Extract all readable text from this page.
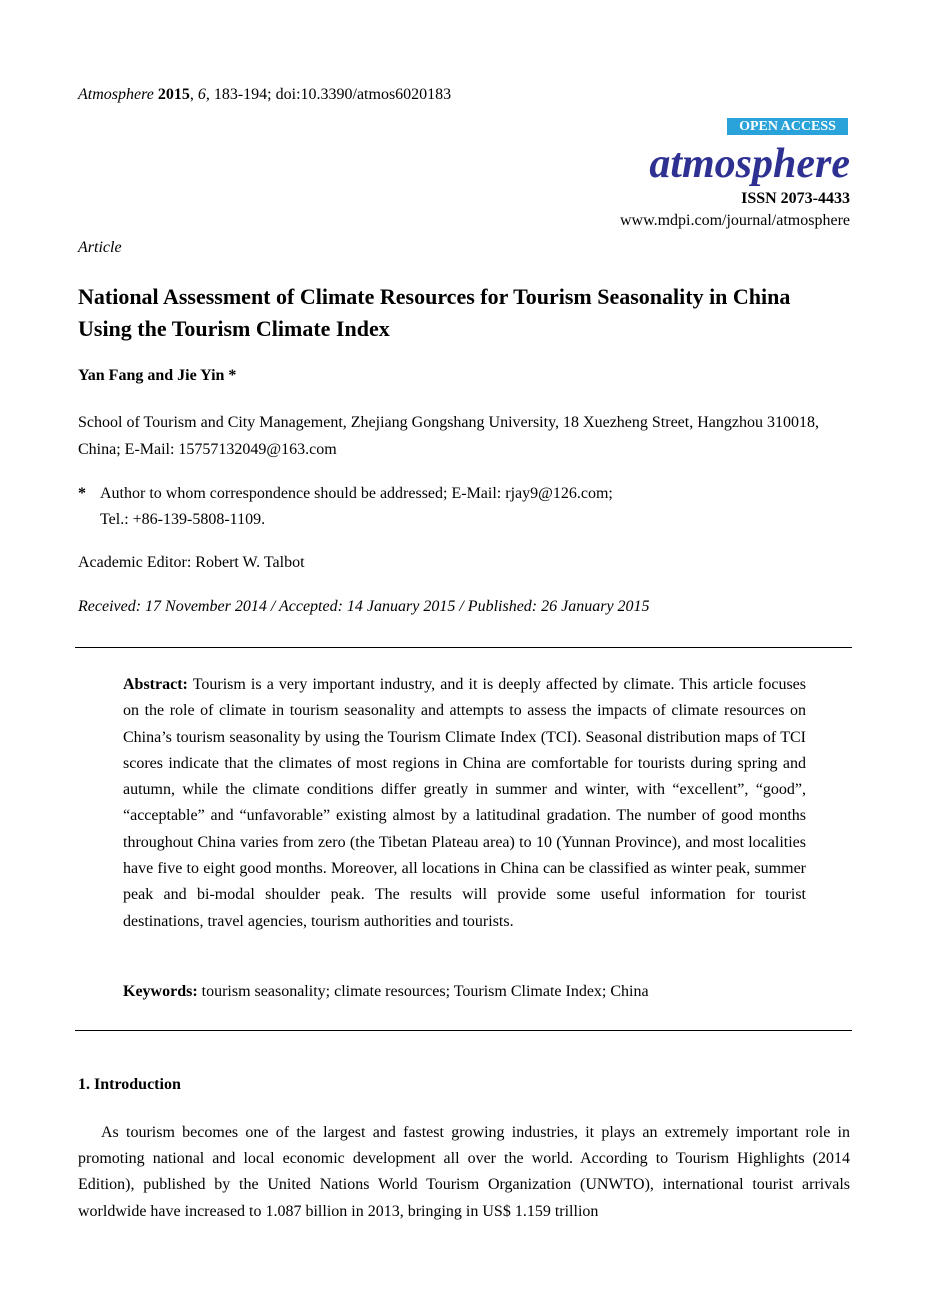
Atmosphere 2015, 6, 183-194; doi:10.3390/atmos6020183
OPEN ACCESS
atmosphere
ISSN 2073-4433
www.mdpi.com/journal/atmosphere
Article
National Assessment of Climate Resources for Tourism Seasonality in China Using the Tourism Climate Index
Yan Fang and Jie Yin *
School of Tourism and City Management, Zhejiang Gongshang University, 18 Xuezheng Street, Hangzhou 310018, China; E-Mail: 15757132049@163.com
* Author to whom correspondence should be addressed; E-Mail: rjay9@126.com;
Tel.: +86-139-5808-1109.
Academic Editor: Robert W. Talbot
Received: 17 November 2014 / Accepted: 14 January 2015 / Published: 26 January 2015
Abstract: Tourism is a very important industry, and it is deeply affected by climate. This article focuses on the role of climate in tourism seasonality and attempts to assess the impacts of climate resources on China’s tourism seasonality by using the Tourism Climate Index (TCI). Seasonal distribution maps of TCI scores indicate that the climates of most regions in China are comfortable for tourists during spring and autumn, while the climate conditions differ greatly in summer and winter, with “excellent”, “good”, “acceptable” and “unfavorable” existing almost by a latitudinal gradation. The number of good months throughout China varies from zero (the Tibetan Plateau area) to 10 (Yunnan Province), and most localities have five to eight good months. Moreover, all locations in China can be classified as winter peak, summer peak and bi-modal shoulder peak. The results will provide some useful information for tourist destinations, travel agencies, tourism authorities and tourists.
Keywords: tourism seasonality; climate resources; Tourism Climate Index; China
1. Introduction
As tourism becomes one of the largest and fastest growing industries, it plays an extremely important role in promoting national and local economic development all over the world. According to Tourism Highlights (2014 Edition), published by the United Nations World Tourism Organization (UNWTO), international tourist arrivals worldwide have increased to 1.087 billion in 2013, bringing in US$ 1.159 trillion
